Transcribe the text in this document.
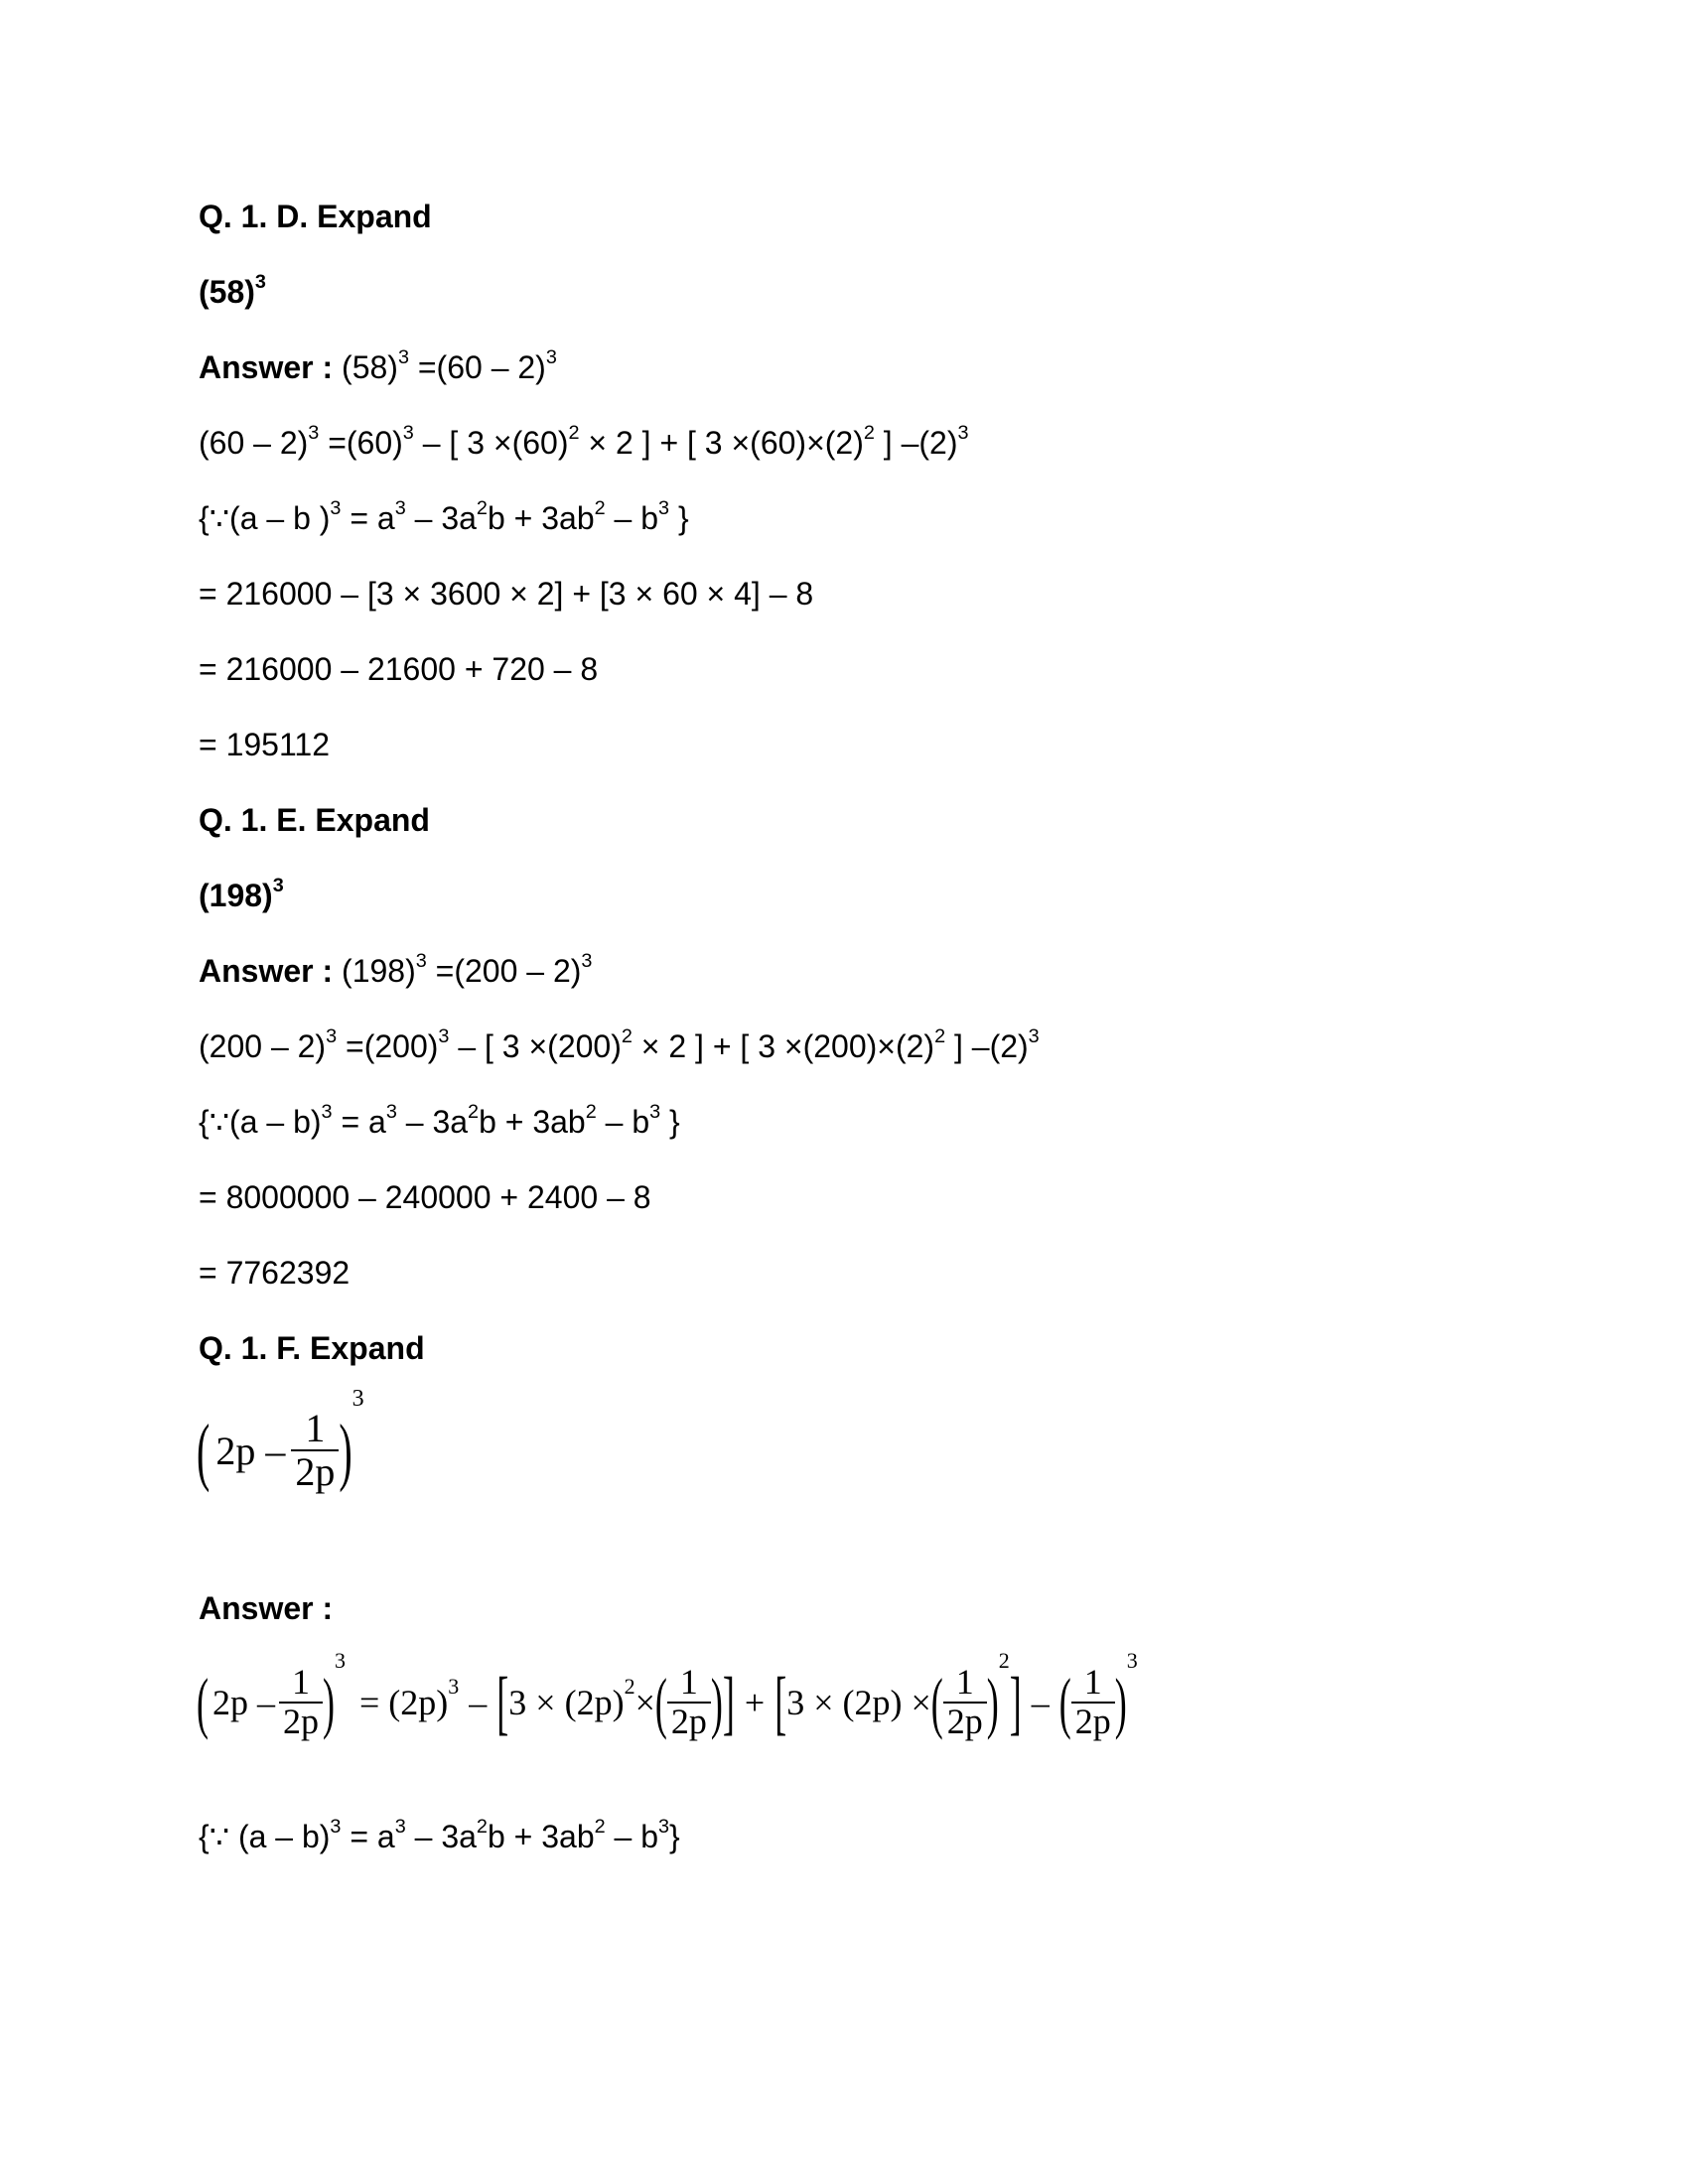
Q. 1. D. Expand
$(58)^3$
Answer : $(58)^3 =(60 - 2)^3$
$(60 - 2)^3 =(60)^3$ – [ $3 \times(60)^2 \times 2$ ] + [ $3 \times(60)\times(2)^2$ ] $-(2)^3$
{∵(a – b )$^3 = a^3 - 3a^2b + 3ab^2 - b^3$ }
= 216000 – [3 × 3600 × 2] + [3 × 60 × 4] – 8
= 216000 – 21600 + 720 – 8
= 195112
Q. 1. E. Expand
$(198)^3$
Answer : $(198)^3 =(200 - 2)^3$
$(200 - 2)^3 =(200)^3$ – [ $3 \times(200)^2 \times 2$ ] + [ $3 \times(200)\times(2)^2$ ] $-(2)^3$
{∵(a – $b)^3 = a^3 - 3a^2b + 3ab^2 - b^3$ }
= 8000000 – 240000 + 2400 – 8
= 7762392
Q. 1. F. Expand
( $2p - \frac{1}{2p}$ )
3
Answer :
( $2p - \frac{1}{2p}$ )
3
= (2p) 3 – [ 3 × (2p) 2 × ( $\frac{1}{2p}$ ) ] + [ 3 × (2p) × ( $\frac{1}{2p}$ )
2
] – ( $\frac{1}{2p}$ )
3
{∵ $(a - b)^3 = a^3 - 3a^2b + 3ab^2 - b^3$}
